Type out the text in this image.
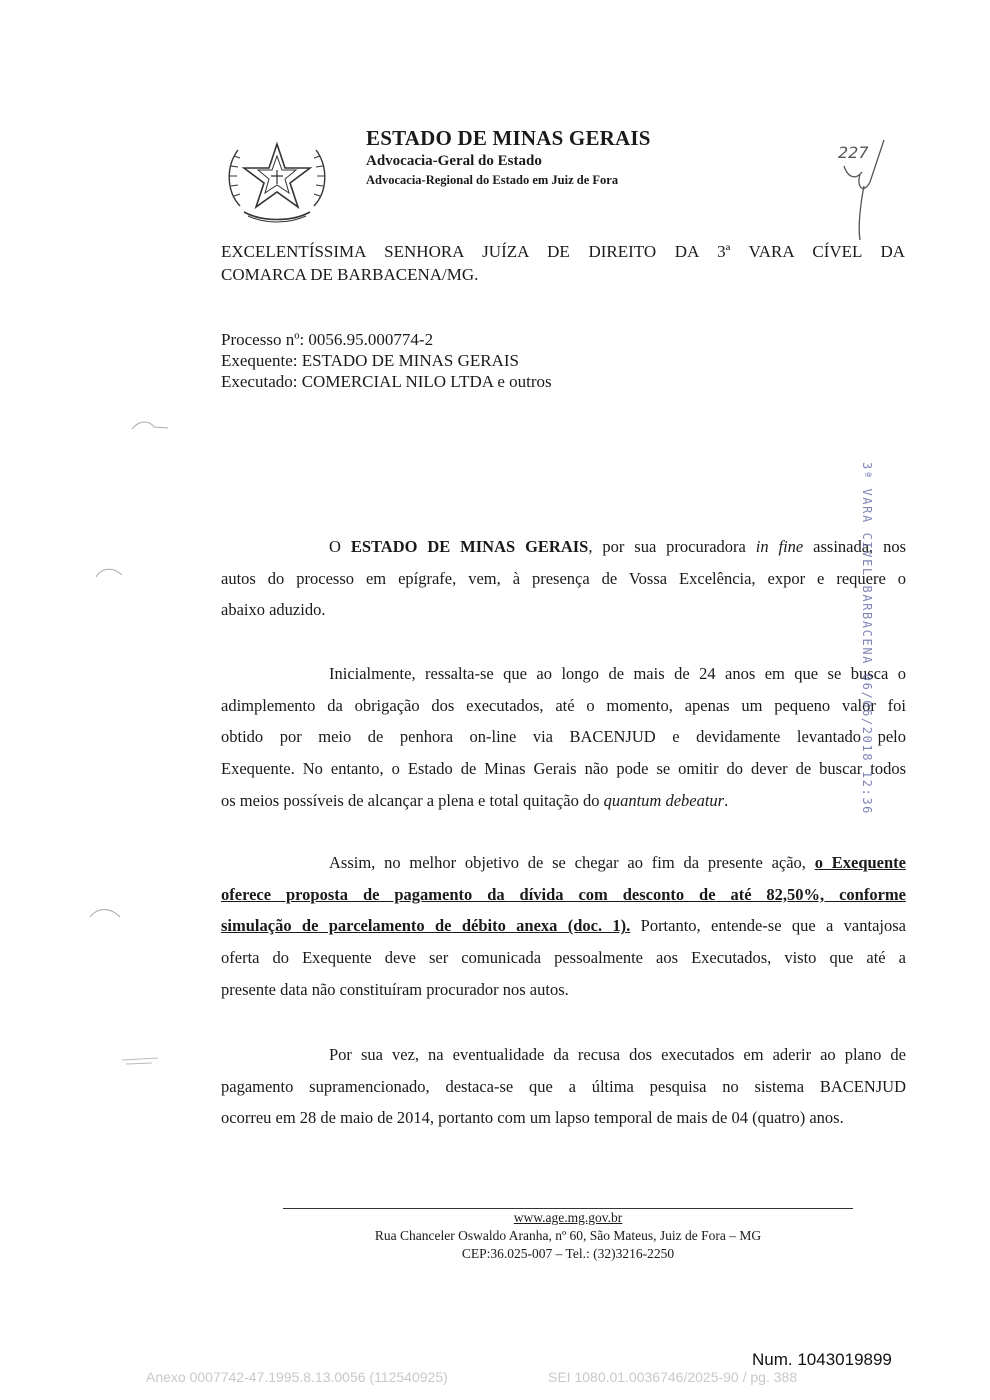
ESTADO DE MINAS GERAIS
Advocacia-Geral do Estado
Advocacia-Regional do Estado em Juiz de Fora
227
EXCELENTÍSSIMA SENHORA JUÍZA DE DIREITO DA 3ª VARA CÍVEL DA
COMARCA DE BARBACENA/MG.
Processo nº: 0056.95.000774-2
Exequente: ESTADO DE MINAS GERAIS
Executado: COMERCIAL NILO LTDA e outros
O ESTADO DE MINAS GERAIS, por sua procuradora in fine assinada, nos
autos do processo em epígrafe, vem, à presença de Vossa Excelência, expor e requere o
abaixo aduzido.
Inicialmente, ressalta-se que ao longo de mais de 24 anos em que se busca o
adimplemento da obrigação dos executados, até o momento, apenas um pequeno valor foi
obtido por meio de penhora on-line via BACENJUD e devidamente levantado pelo
Exequente. No entanto, o Estado de Minas Gerais não pode se omitir do dever de buscar todos
os meios possíveis de alcançar a plena e total quitação do quantum debeatur.
Assim, no melhor objetivo de se chegar ao fim da presente ação, o Exequente
oferece proposta de pagamento da dívida com desconto de até 82,50%, conforme
simulação de parcelamento de débito anexa (doc. 1). Portanto, entende-se que a vantajosa
oferta do Exequente deve ser comunicada pessoalmente aos Executados, visto que até a
presente data não constituíram procurador nos autos.
Por sua vez, na eventualidade da recusa dos executados em aderir ao plano de
pagamento supramencionado, destaca-se que a última pesquisa no sistema BACENJUD
ocorreu em 28 de maio de 2014, portanto com um lapso temporal de mais de 04 (quatro) anos.
3ª VARA CIVEL BARBACENA 06/06/2018 12:36
www.age.mg.gov.br
Rua Chanceler Oswaldo Aranha, nº 60, São Mateus, Juiz de Fora – MG
CEP:36.025-007 – Tel.: (32)3216-2250
Num. 1043019899
Anexo 0007742-47.1995.8.13.0056 (112540925)	SEI 1080.01.0036746/2025-90 / pg. 388
